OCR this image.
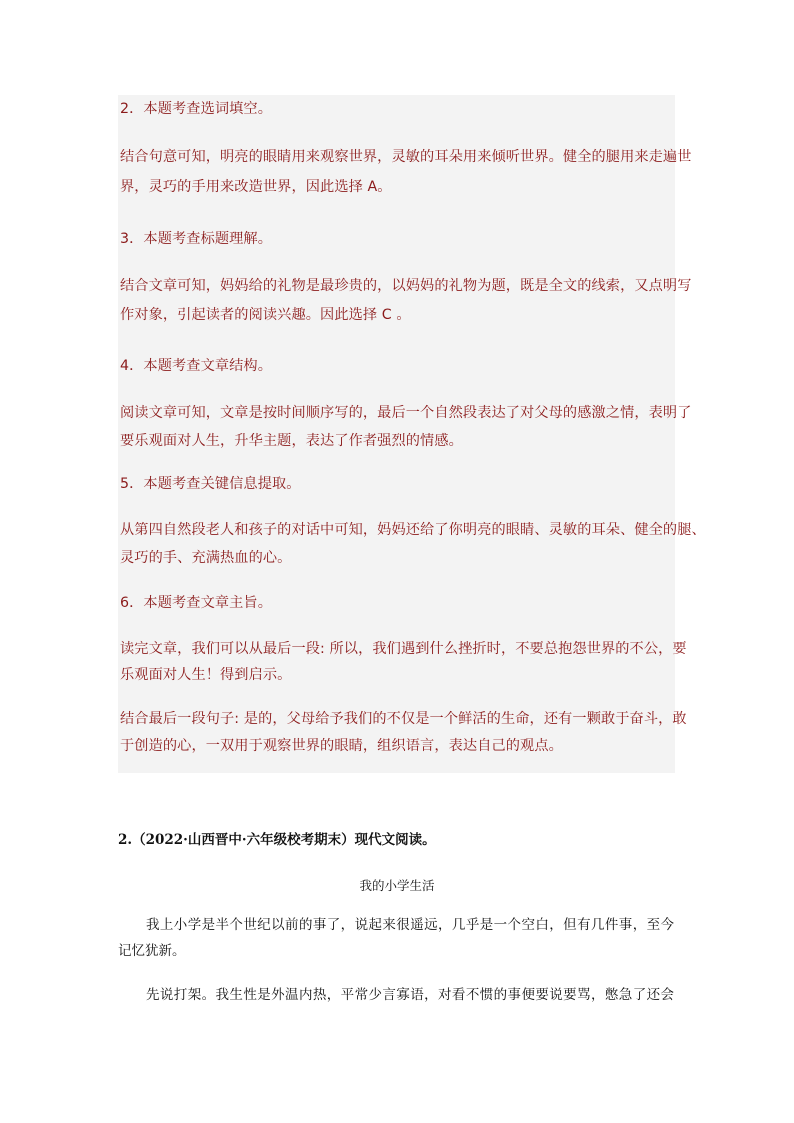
2．本题考查选词填空。
结合句意可知，明亮的眼睛用来观察世界，灵敏的耳朵用来倾听世界。健全的腿用来走遍世
界，灵巧的手用来改造世界，因此选择 A。
3．本题考查标题理解。
结合文章可知，妈妈给的礼物是最珍贵的，以妈妈的礼物为题，既是全文的线索，又点明写
作对象，引起读者的阅读兴趣。因此选择 C 。
4．本题考查文章结构。
阅读文章可知，文章是按时间顺序写的，最后一个自然段表达了对父母的感激之情，表明了
要乐观面对人生，升华主题，表达了作者强烈的情感。
5．本题考查关键信息提取。
从第四自然段老人和孩子的对话中可知，妈妈还给了你明亮的眼睛、灵敏的耳朵、健全的腿、
灵巧的手、充满热血的心。
6．本题考查文章主旨。
读完文章，我们可以从最后一段: 所以，我们遇到什么挫折时，不要总抱怨世界的不公，要
乐观面对人生！得到启示。
结合最后一段句子: 是的，父母给予我们的不仅是一个鲜活的生命，还有一颗敢于奋斗，敢
于创造的心，一双用于观察世界的眼睛，组织语言，表达自己的观点。
2.（2022·山西晋中·六年级校考期末）现代文阅读。
我的小学生活
我上小学是半个世纪以前的事了，说起来很遥远，几乎是一个空白，但有几件事，至今
记忆犹新。
先说打架。我生性是外温内热，平常少言寡语，对看不惯的事便要说要骂，憋急了还会
